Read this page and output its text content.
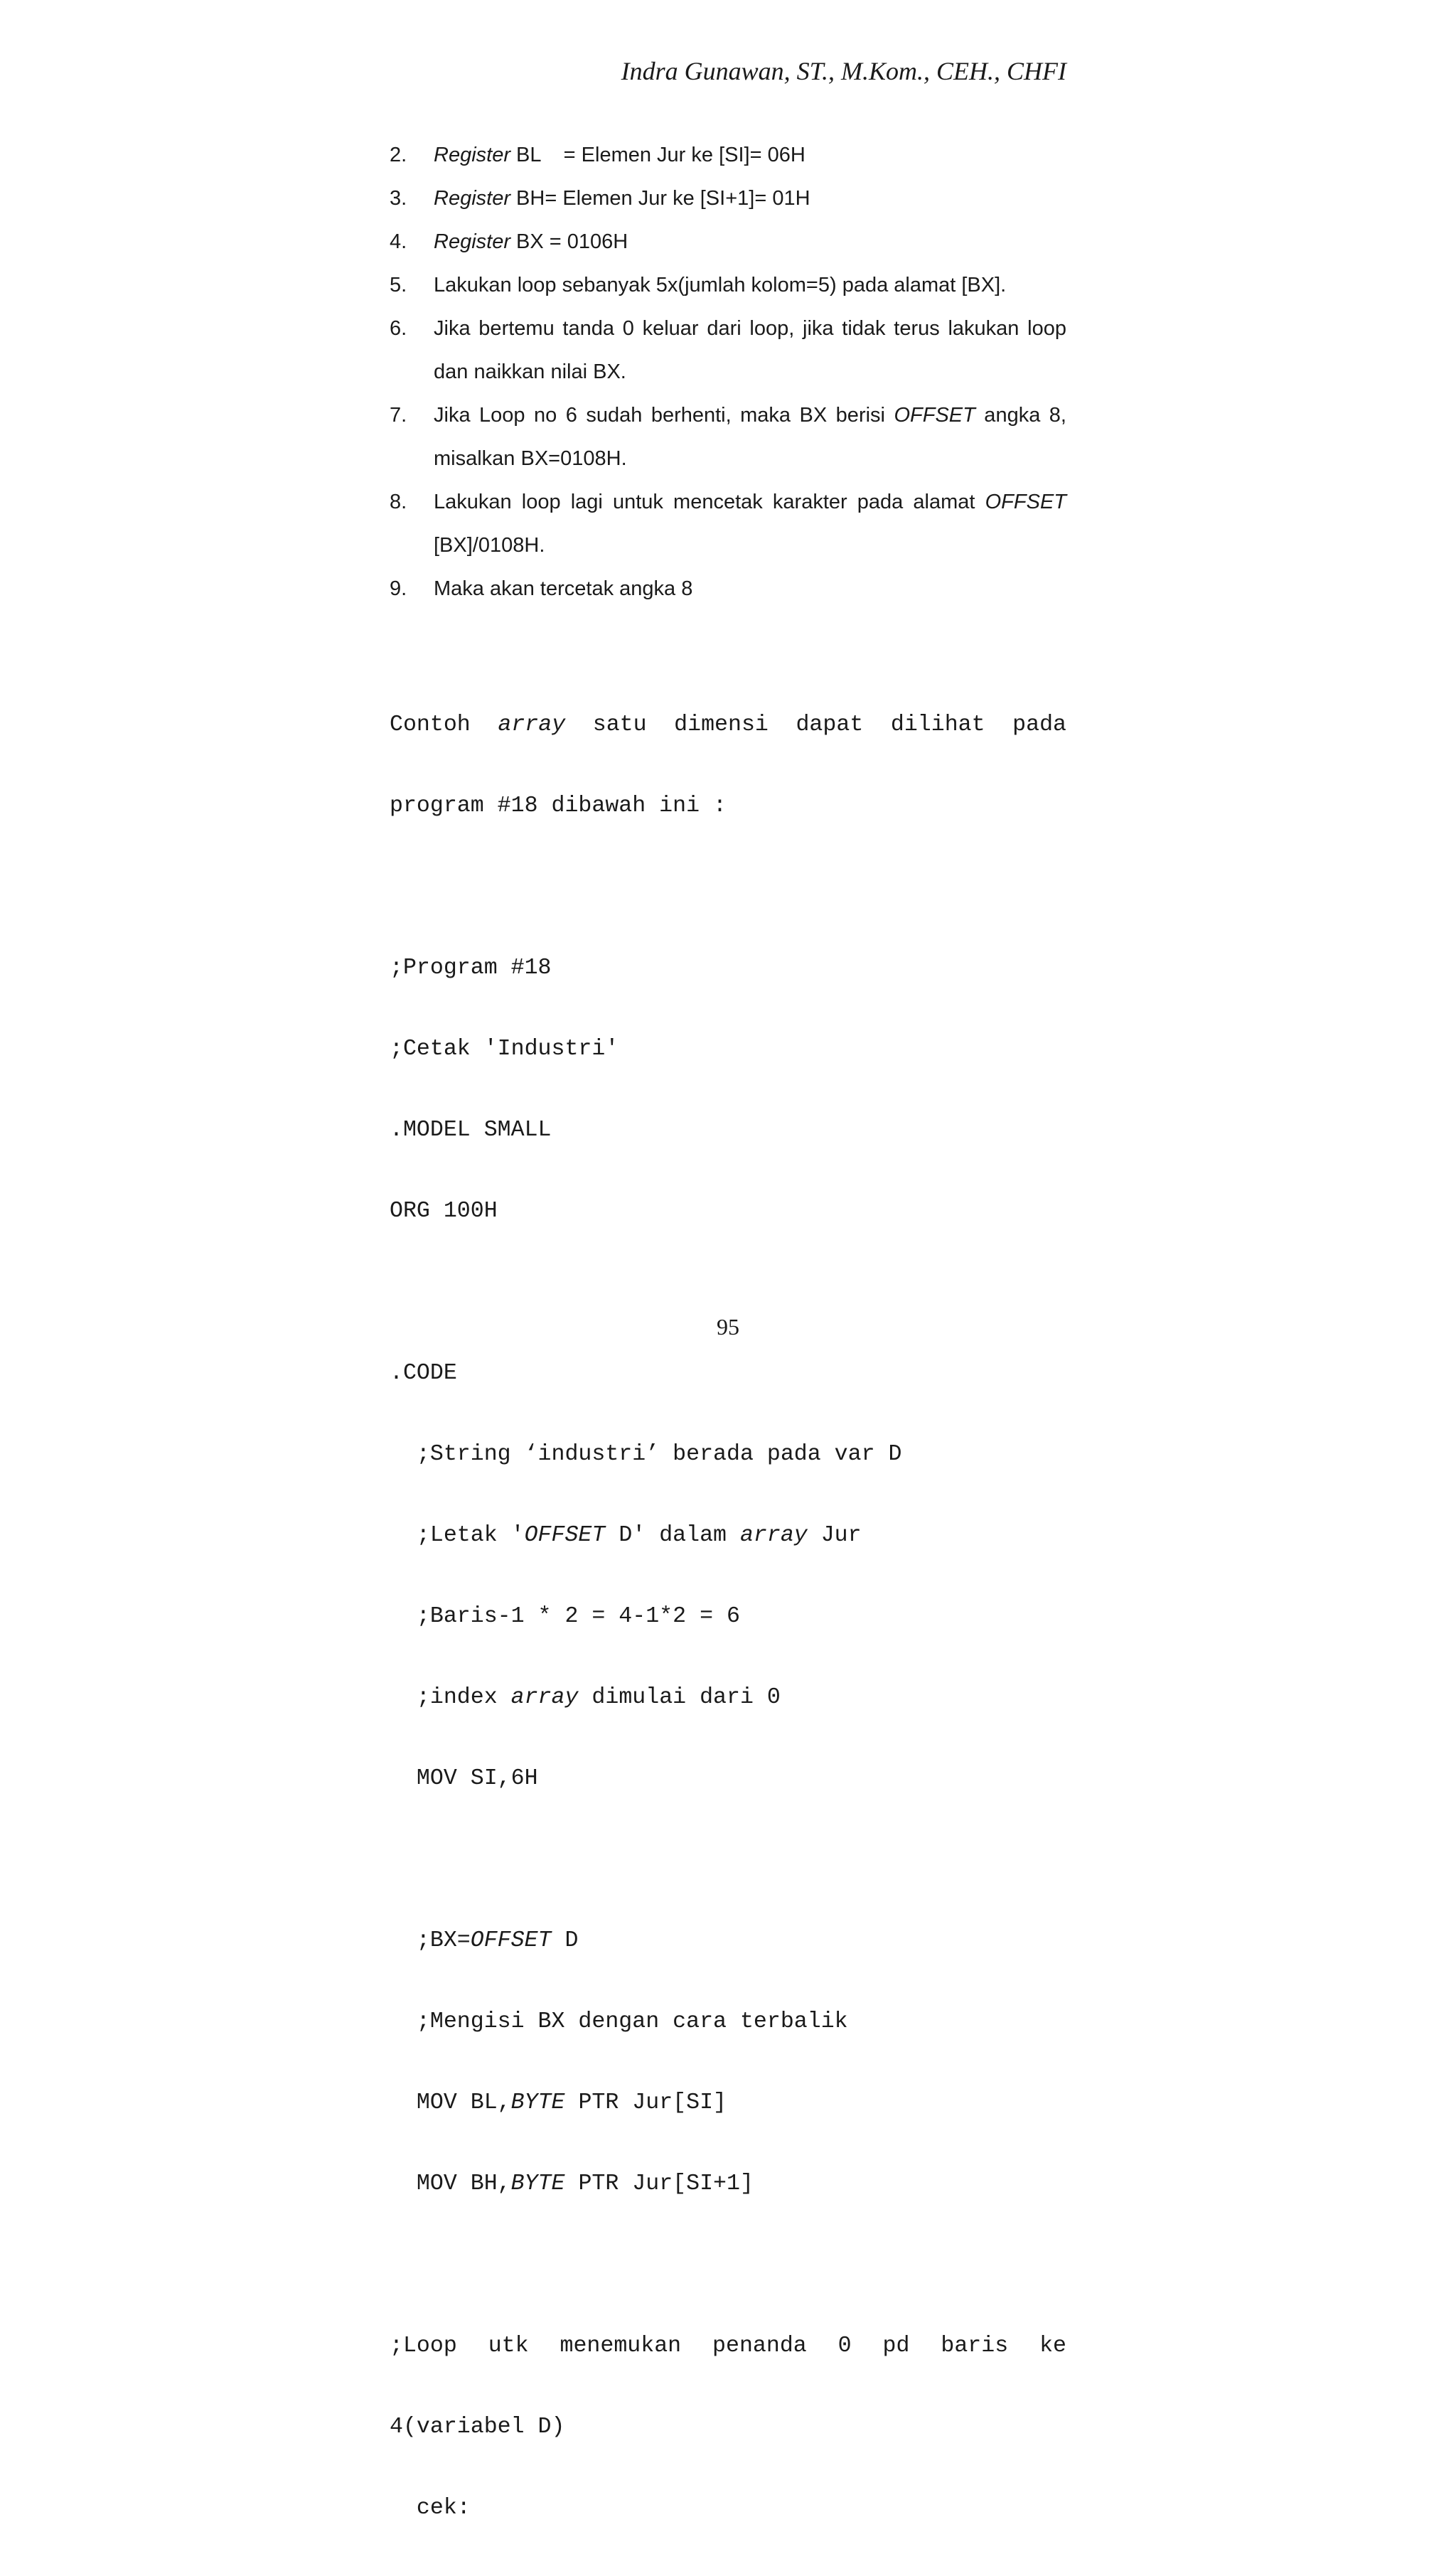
Indra Gunawan, ST., M.Kom., CEH., CHFI
2.	Register BL    = Elemen Jur ke [SI]= 06H
3.	Register BH= Elemen Jur ke [SI+1]= 01H
4.	Register BX = 0106H
5.	Lakukan loop sebanyak 5x(jumlah kolom=5) pada alamat [BX].
6.	Jika bertemu tanda 0 keluar dari loop, jika tidak terus lakukan loop dan naikkan nilai BX.
7.	Jika Loop no 6 sudah berhenti, maka BX berisi OFFSET angka 8, misalkan BX=0108H.
8.	Lakukan loop lagi untuk mencetak karakter pada alamat OFFSET [BX]/0108H.
9.	Maka akan tercetak angka 8

Contoh array satu dimensi dapat dilihat pada

program #18 dibawah ini :

;Program #18

;Cetak 'Industri'

.MODEL SMALL

ORG 100H

.CODE

;String ‘industri’ berada pada var D

;Letak 'OFFSET D' dalam array Jur

;Baris-1 * 2 = 4-1*2 = 6

;index array dimulai dari 0

MOV SI,6H

;BX=OFFSET D

;Mengisi BX dengan cara terbalik

MOV BL,BYTE PTR Jur[SI]

MOV BH,BYTE PTR Jur[SI+1]

;Loop utk menemukan penanda 0 pd baris ke

4(variabel D)

cek:

95
